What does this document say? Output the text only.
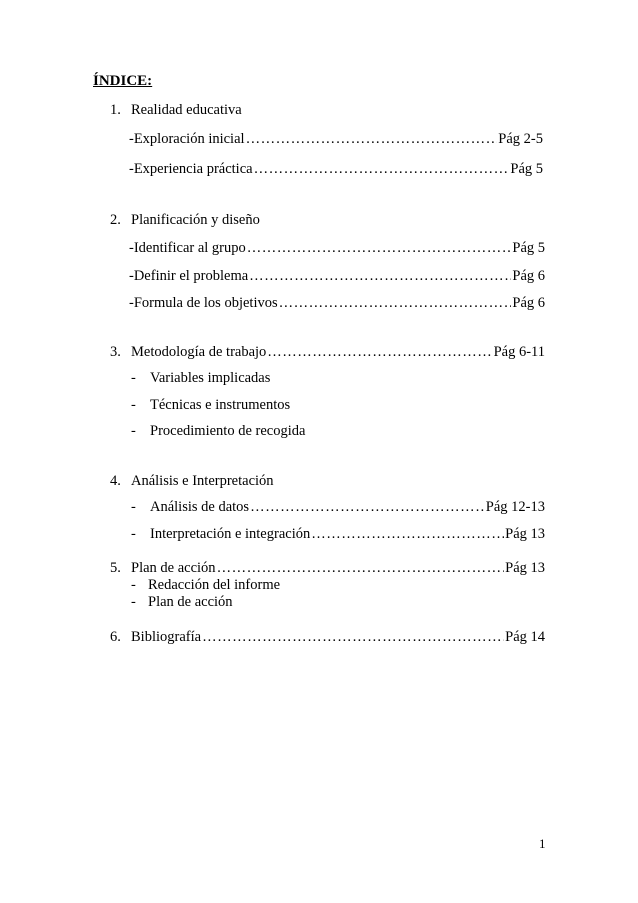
ÍNDICE:
1. Realidad educativa
-Exploración inicial …………………………………………………………………………………………………………………………………………………………	Pág 2-5
-Experiencia práctica …………………………………………………………………………………………………………………………………………………………	Pág 5
2. Planificación y diseño
-Identificar al grupo …………………………………………………………………………………………………………………………………………………………	Pág 5
-Definir el problema …………………………………………………………………………………………………………………………………………………………	Pág 6
-Formula de los objetivos …………………………………………………………………………………………………………………………………………………………	Pág 6
3. Metodología de trabajo …………………………………………………………………………………………………………………………………………………………	Pág 6-11
- Variables implicadas
- Técnicas e instrumentos
- Procedimiento de recogida
4. Análisis e Interpretación
- Análisis de datos …………………………………………………………………………………………………………………………………………………………	Pág 12-13
- Interpretación e integración …………………………………………………………………………………………………………………………………………………………	Pág 13
5. Plan de acción …………………………………………………………………………………………………………………………………………………………	Pág 13
- Redacción del informe
- Plan de acción
6. Bibliografía …………………………………………………………………………………………………………………………………………………………	Pág 14
1
